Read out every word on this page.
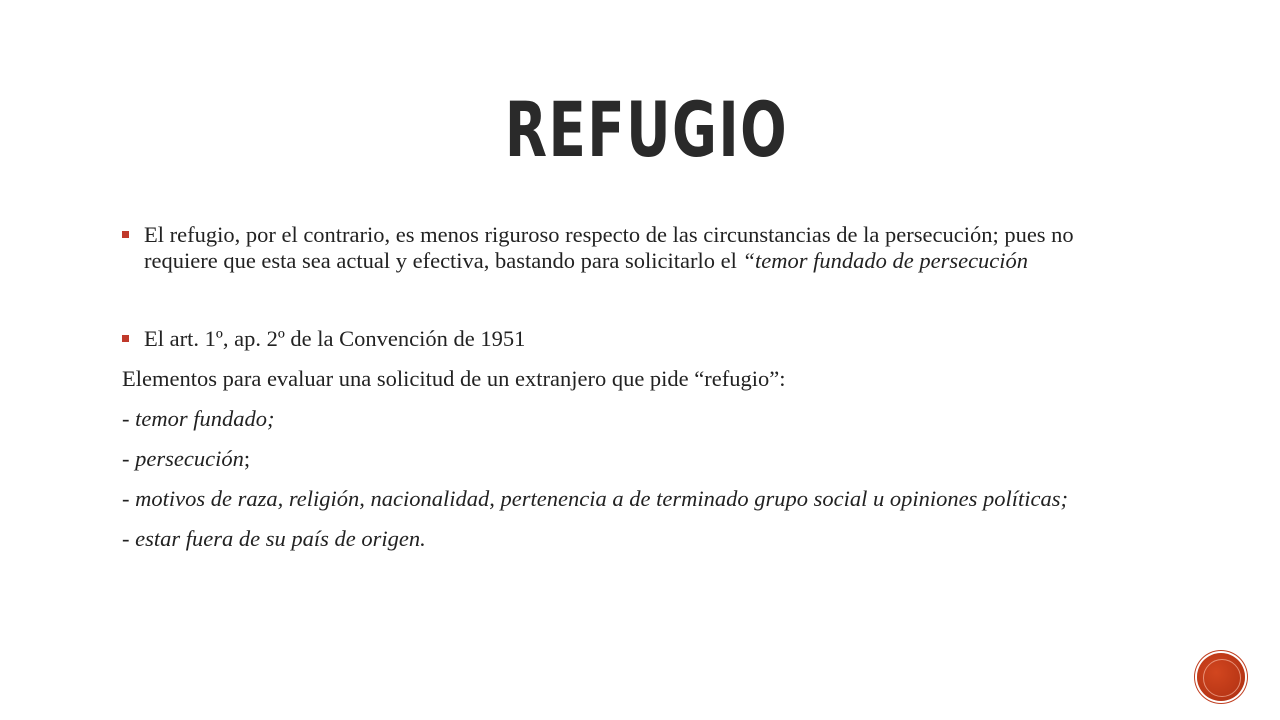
REFUGIO
El refugio, por el contrario, es menos riguroso respecto de las circunstancias de la persecución; pues no requiere que esta sea actual y efectiva, bastando para solicitarlo el “temor fundado de persecución
El art. 1º, ap. 2º de la Convención de 1951
Elementos para evaluar una solicitud de un extranjero que pide “refugio”:
- temor fundado;
- persecución;
- motivos de raza, religión, nacionalidad, pertenencia a de terminado grupo social u opiniones políticas;
- estar fuera de su país de origen.
